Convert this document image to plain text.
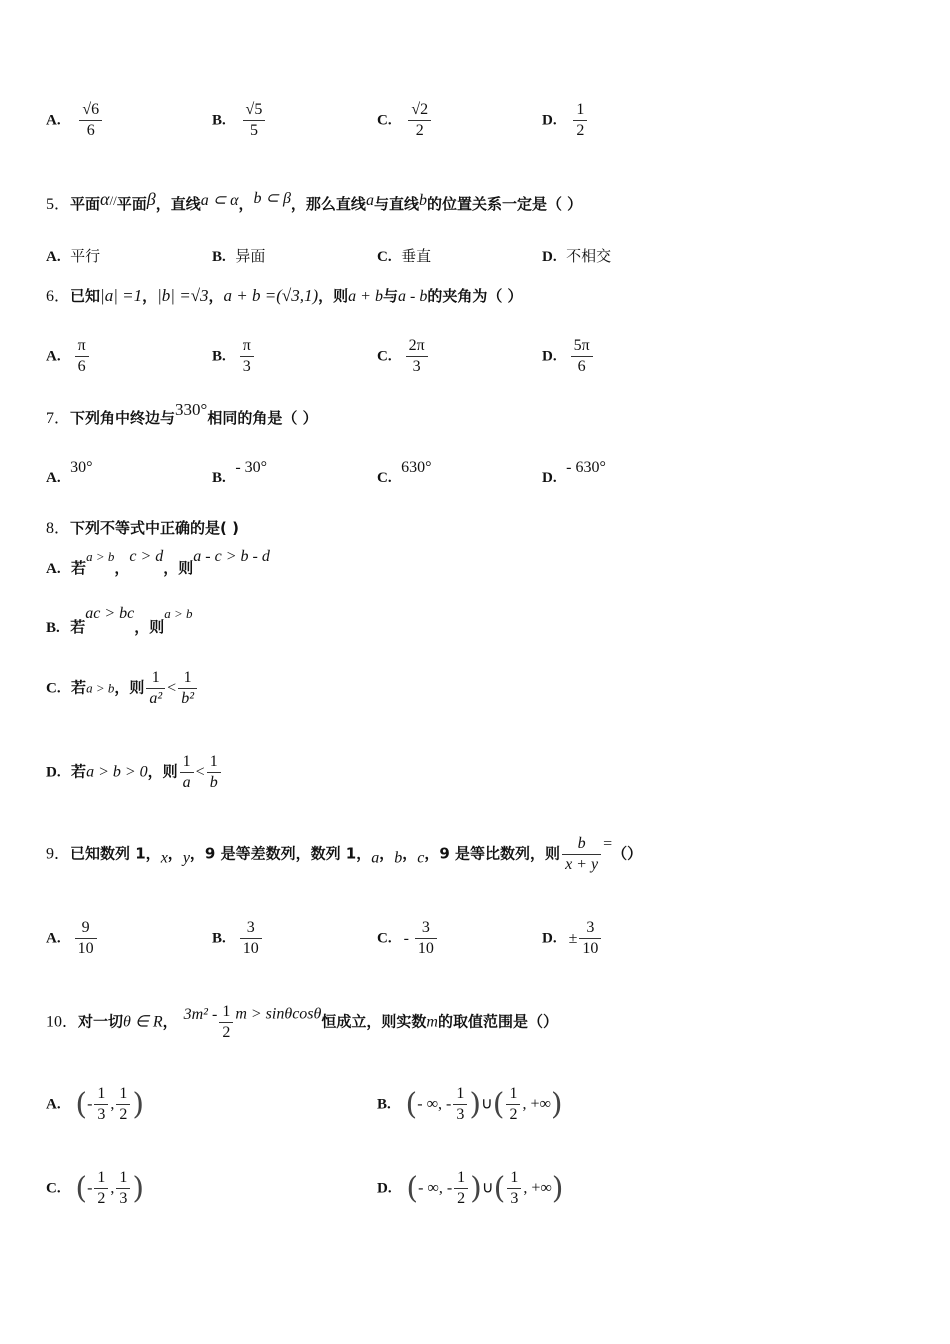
A. $\frac{√6}{6}$	B. $\frac{√5}{5}$	C. $\frac{√2}{2}$	D. $\frac{1}{2}$
5．平面α//平面β，直线a ⊂ α，b ⊂ β，那么直线a与直线b的位置关系一定是（ ）
A. 平行	B. 异面	C. 垂直	D. 不相交
6．已知|a| =1，|b| =√3，a + b =(√3,1)，则a + b与a - b的夹角为（ ）
A. $\frac{\pi}{6}$	B. $\frac{\pi}{3}$	C. $\frac{2\pi}{3}$	D. $\frac{5\pi}{6}$
7．下列角中终边与330°相同的角是（ ）
A.  30°
B.  - 30°
C.  630°
D.  - 630°
8．下列不等式中正确的是( )
A. 若a > b，c > d，则a - c > b - d
B. 若ac > bc，则a > b
C. 若a > b，则 $\frac{1}{\text{a²}} < \frac{1}{\text{b²}}$
D. 若a > b > 0，则 $\frac{1}{a} < \frac{1}{b}$
9．已知数列 1，x，y，9 是等差数列，数列 1，a，b，c，9 是等比数列，则 $\frac{b}{x + y}$ =（）
A. $\frac{9}{10}$	B. $\frac{3}{10}$	C. - $\frac{3}{10}$	D. ± $\frac{3}{10}$
10．对一切θ ∈ R， $3m^2 - \frac{1}{2}$ m > sinθcosθ恒成立，则实数m的取值范围是（）
A. (- $\frac{1}{3}$ , $\frac{1}{2}$ )	B. (- ∞, - $\frac{1}{3}$ )∪( $\frac{1}{2}$ , +∞)
C. (- $\frac{1}{2}$ , $\frac{1}{3}$ )	D. (- ∞, - $\frac{1}{2}$ )∪( $\frac{1}{3}$ , +∞)
